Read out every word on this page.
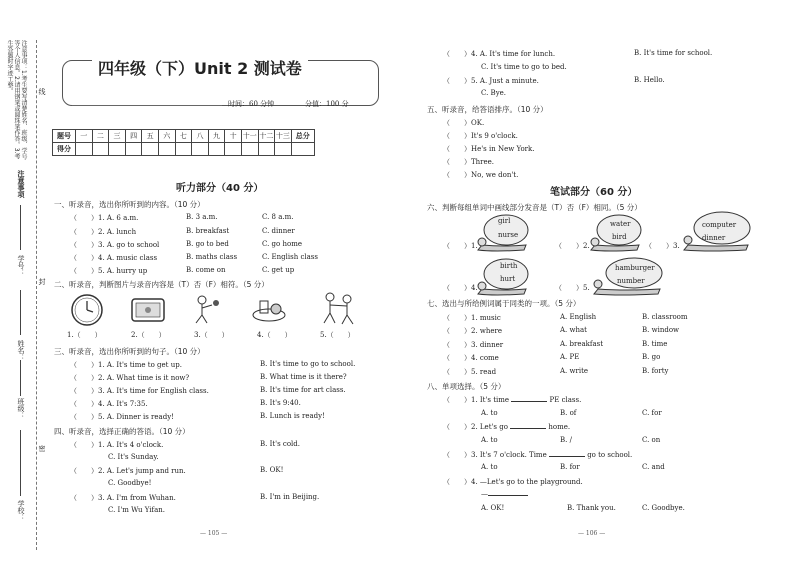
注意事项：1.考生要写清楚姓名、班级、学号等个人信息。2.请用钢笔或圆珠笔作答。3.考生答题时字迹工整。
注意事项
学号：
姓名：
班级：
学校：
线
封
密
四年级（下）Unit 2 测试卷
时间：60 分钟	分值：100 分
题号	一	二	三	四	五	六	七	八	九	十	十一	十二	十三	总分
得分														
听力部分（40 分）
一、听录音，选出你所听到的内容。（10 分）
（　　）1. A. 6 a.m.	B. 3 a.m.	C. 8 a.m.
（　　）2. A. lunch	B. breakfast	C. dinner
（　　）3. A. go to school	B. go to bed	C. go home
（　　）4. A. music class	B. maths class	C. English class
（　　）5. A. hurry up	B. come on	C. get up
二、听录音，判断图片与录音内容是（T）否（F）相符。（5 分）
1.（　　）	2.（　　）	3.（　　）	4.（　　）	5.（　　）
三、听录音，选出你所听到的句子。（10 分）
（　　）1. A. It's time to get up.	B. It's time to go to school.
（　　）2. A. What time is it now?	B. What time is it there?
（　　）3. A. It's time for English class.	B. It's time for art class.
（　　）4. A. It's 7:35.	B. It's 9:40.
（　　）5. A. Dinner is ready!	B. Lunch is ready!
四、听录音，选择正确的答语。（10 分）
（　　）1. A. It's 4 o'clock.	B. It's cold.
C. It's Sunday.
（　　）2. A. Let's jump and run.	B. OK!
C. Goodbye!
（　　）3. A. I'm from Wuhan.	B. I'm in Beijing.
C. I'm Wu Yifan.
— 105 —
（　　）4. A. It's time for lunch.	B. It's time for school.
C. It's time to go to bed.
（　　）5. A. Just a minute.	B. Hello.
C. Bye.
五、听录音，给答语排序。（10 分）
（　　）OK.
（　　）It's 9 o'clock.
（　　）He's in New York.
（　　）Three.
（　　）No, we don't.
笔试部分（60 分）
六、判断每组单词中画线部分发音是（T）否（F）相同。（5 分）
（　　）1.
girl
nurse
（　　）2.
water
bird
（　　）3.
computer
dinner
（　　）4.
birth
hurt
（　　）5.
hamburger
number
七、选出与所给例词属于同类的一项。（5 分）
（　　）1. music	A. English	B. classroom
（　　）2. where	A. what	B. window
（　　）3. dinner	A. breakfast	B. time
（　　）4. come	A. PE	B. go
（　　）5. read	A. write	B. forty
八、单项选择。（5 分）
（　　）1. It's time	PE class.
A. to	B. of	C. for
（　　）2. Let's go	home.
A. to	B. /	C. on
（　　）3. It's 7 o'clock. Time	go to school.
A. to	B. for	C. and
（　　）4. —Let's go to the playground.
—
A. OK!	B. Thank you.	C. Goodbye.
— 106 —
